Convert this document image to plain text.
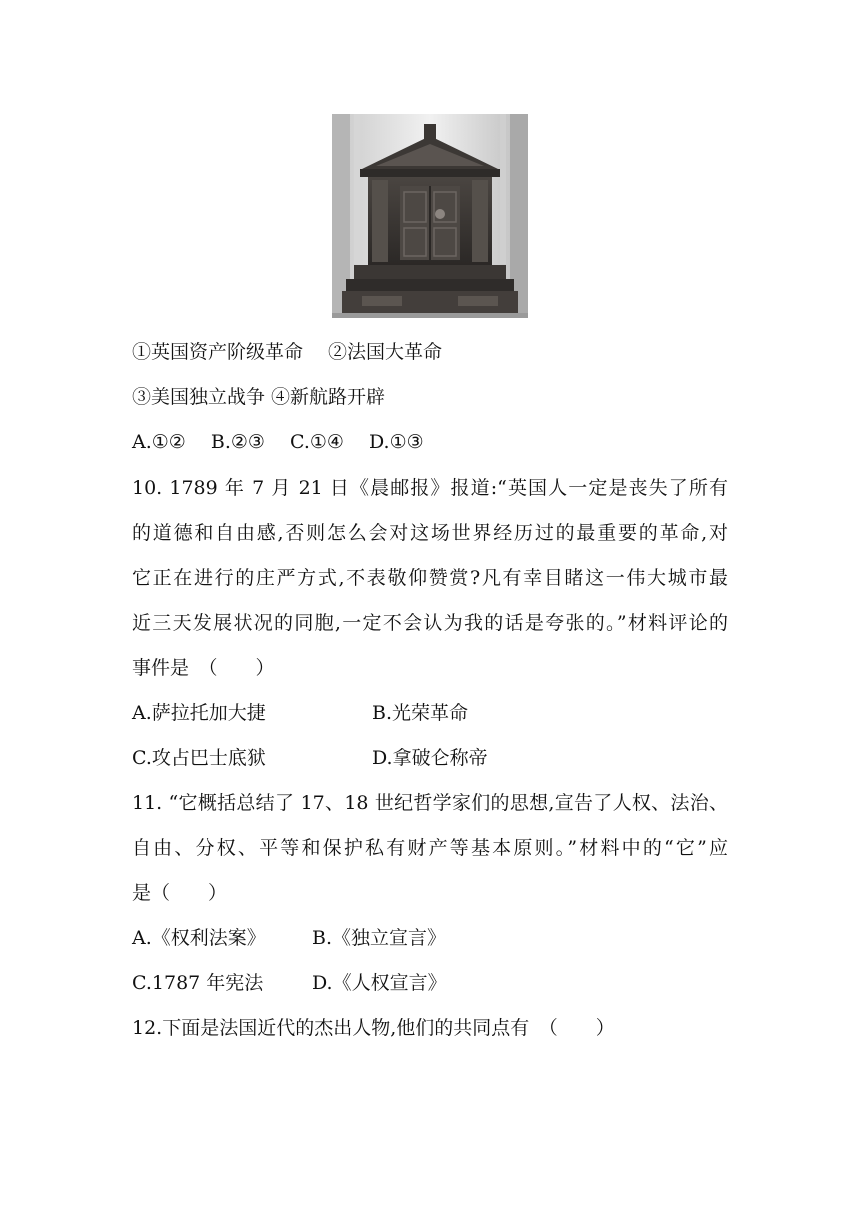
①英国资产阶级革命　 ②法国大革命
③美国独立战争 ④新航路开辟
A.①②　 B.②③　 C.①④　 D.①③
10. 1789 年 7 月 21 日《晨邮报》报道:“英国人一定是丧失了所有
的道德和自由感,否则怎么会对这场世界经历过的最重要的革命,对
它正在进行的庄严方式,不表敬仰赞赏?凡有幸目睹这一伟大城市最
近三天发展状况的同胞,一定不会认为我的话是夸张的。”材料评论的
事件是　（　　）
A.萨拉托加大捷	B.光荣革命
C.攻占巴士底狱	D.拿破仑称帝
11. “它概括总结了 17、18 世纪哲学家们的思想,宣告了人权、法治、
自由、分权、平等和保护私有财产等基本原则。”材料中的“它”应
是（　　）
A.《权利法案》 B.《独立宣言》
C.1787 年宪法	D.《人权宣言》
12.下面是法国近代的杰出人物,他们的共同点有　（　　）
